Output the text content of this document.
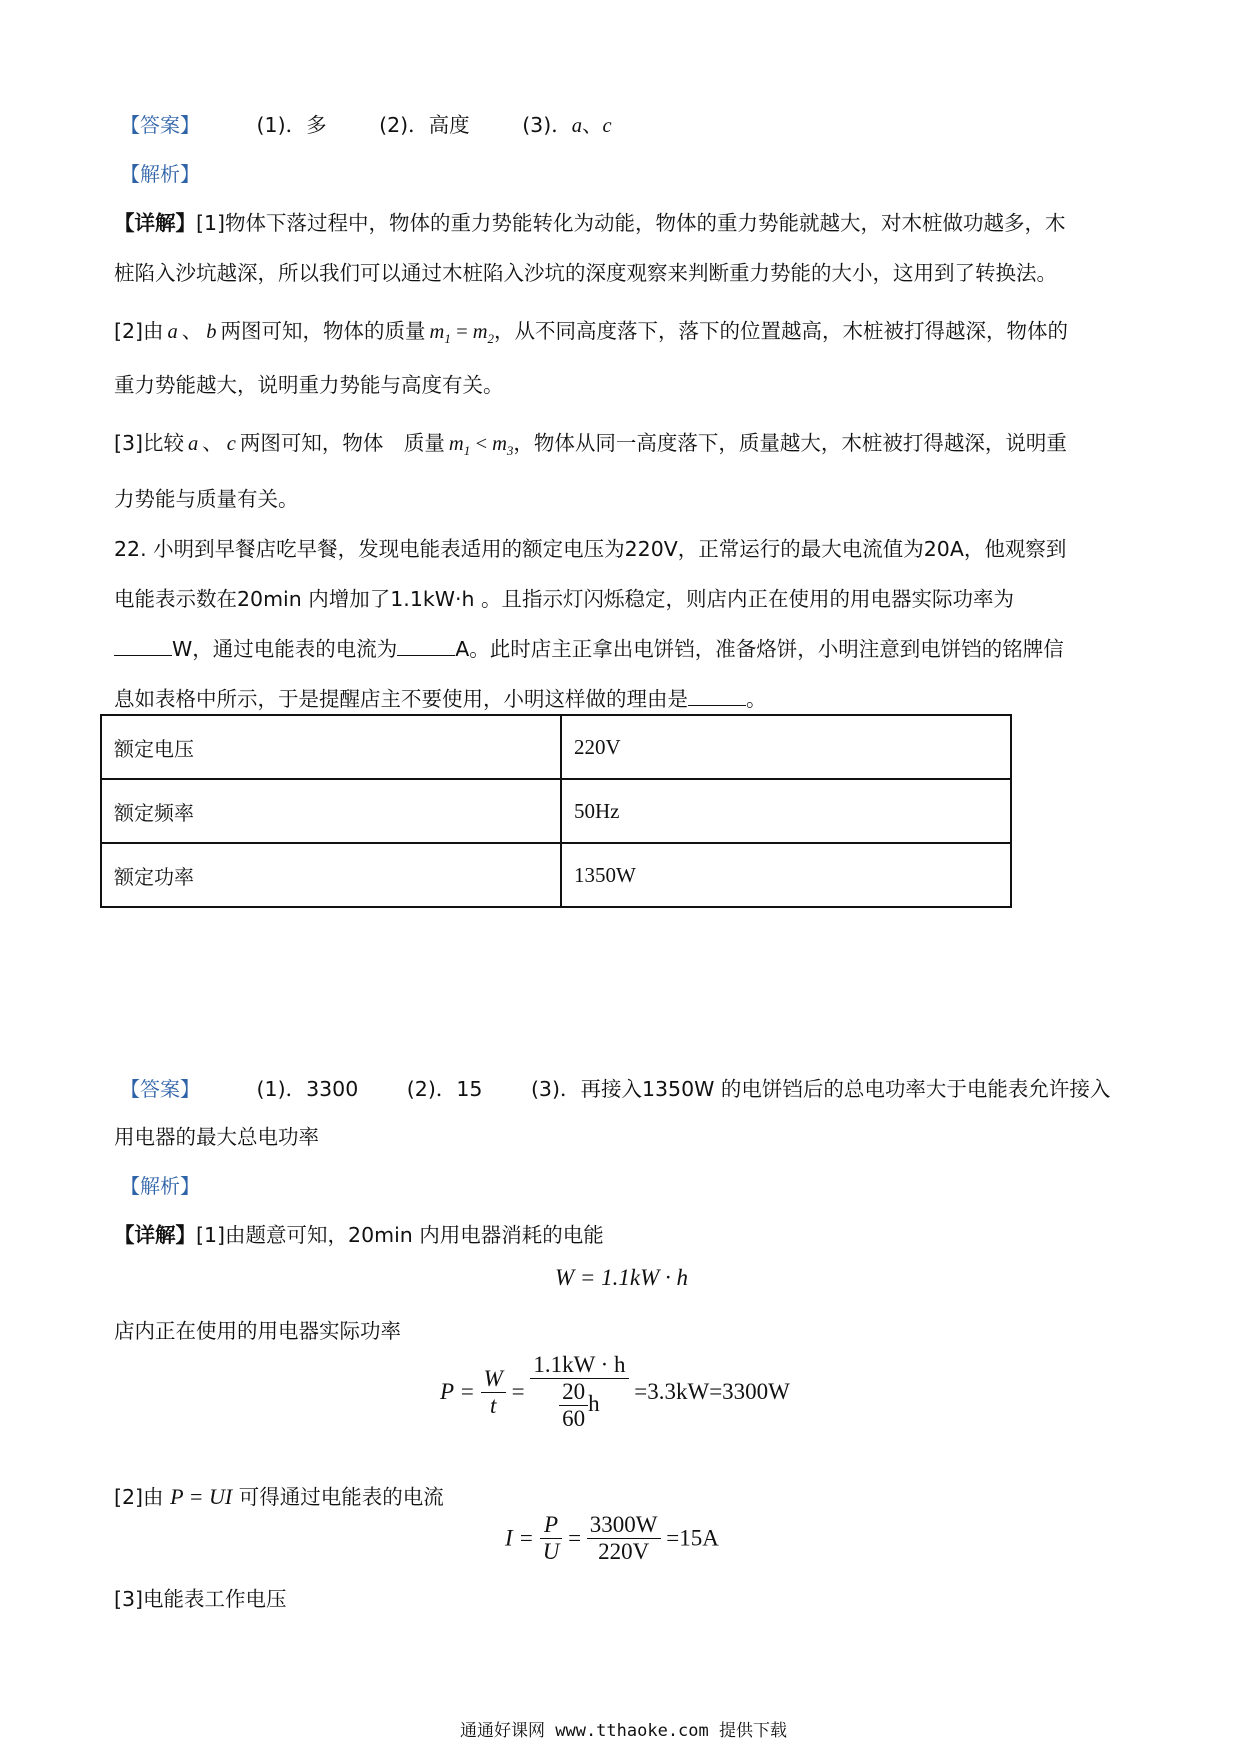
【答案】	(1)．多	(2)．高度	(3)．a、c
【解析】
【详解】[1]物体下落过程中，物体的重力势能转化为动能，物体的重力势能就越大，对木桩做功越多，木
桩陷入沙坑越深，所以我们可以通过木桩陷入沙坑的深度观察来判断重力势能的大小，这用到了转换法。
[2]由 a 、 b 两图可知，物体的质量 $m_1 = m_2$，从不同高度落下，落下的位置越高，木桩被打得越深，物体的
重力势能越大，说明重力势能与高度有关。
[3]比较 a 、 c 两图可知，物体　质量 $m_1 < m_3$，物体从同一高度落下，质量越大，木桩被打得越深，说明重
力势能与质量有关。
22. 小明到早餐店吃早餐，发现电能表适用的额定电压为220V，正常运行的最大电流值为20A，他观察到
电能表示数在20min 内增加了1.1kW·h 。且指示灯闪烁稳定，则店内正在使用的用电器实际功率为
W，通过电能表的电流为	A。此时店主正拿出电饼铛，准备烙饼，小明注意到电饼铛的铭牌信
息如表格中所示，于是提醒店主不要使用，小明这样做的理由是	。
额定电压	220V
额定频率	50Hz
额定功率	1350W
【答案】	(1)．3300 (2)．15 (3)．再接入1350W 的电饼铛后的总电功率大于电能表允许接入
用电器的最大总电功率
【解析】
【详解】[1]由题意可知，20min 内用电器消耗的电能
W = 1.1kW · h
店内正在使用的用电器实际功率
$P = \frac{W}{t} = \frac{1.1kW \cdot h}{\frac{20}{60} h} =3.3kW=3300W$
[2]由 P = UI 可得通过电能表的电流
$I = \frac{P}{U} = \frac{3300W}{220V} =15A$
[3]电能表工作电压
通通好课网 www.tthaoke.com 提供下载
